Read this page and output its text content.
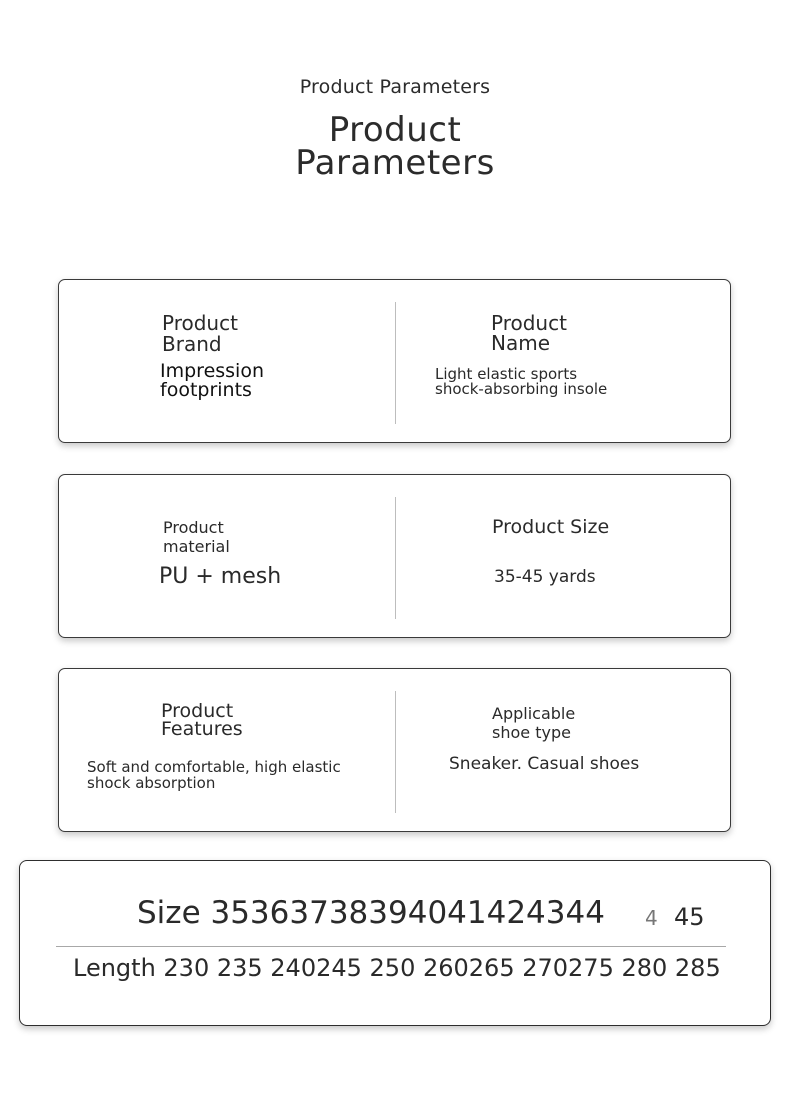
Product Parameters
Product
Parameters
Product
Brand
Impression
footprints
Product
Name
Light elastic sports
shock-absorbing insole
Product
material
PU + mesh
Product Size
35-45 yards
Product
Features
Soft and comfortable, high elastic
shock absorption
Applicable
shoe type
Sneaker. Casual shoes
Size 35363738394041424344 4 45
Length 230 235 240245 250 260265 270275 280 285
